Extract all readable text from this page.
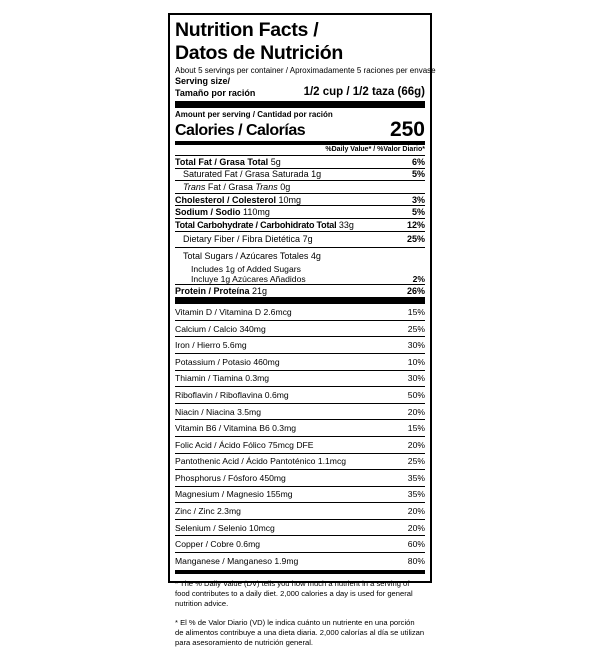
Nutrition Facts /
Datos de Nutrición
About 5 servings per container / Aproximadamente 5 raciones per envase
Serving size/
Tamaño por ración	1/2 cup / 1/2 taza (66g)
Amount per serving / Cantidad por ración
Calories / Calorías	250
%Daily Value* / %Valor Diario*
Total Fat / Grasa Total 5g	6%
Saturated Fat / Grasa Saturada 1g	5%
Trans Fat / Grasa Trans 0g
Cholesterol / Colesterol 10mg	3%
Sodium / Sodio 110mg	5%
Total Carbohydrate / Carbohidrato Total 33g	12%
Dietary Fiber / Fibra Dietética 7g	25%
Total Sugars / Azúcares Totales 4g
Includes 1g of Added Sugars
Incluye 1g Azúcares Añadidos	2%
Protein / Proteína 21g	26%
Vitamin D / Vitamina D 2.6mcg	15%
Calcium / Calcio 340mg	25%
Iron / Hierro 5.6mg	30%
Potassium / Potasio 460mg	10%
Thiamin / Tiamina 0.3mg	30%
Riboflavin / Riboflavina 0.6mg	50%
Niacin / Niacina 3.5mg	20%
Vitamin B6 / Vitamina B6 0.3mg	15%
Folic Acid / Ácido Fólico 75mcg DFE	20%
Pantothenic Acid / Ácido Pantoténico 1.1mcg	25%
Phosphorus / Fósforo 450mg	35%
Magnesium / Magnesio 155mg	35%
Zinc / Zinc 2.3mg	20%
Selenium / Selenio 10mcg	20%
Copper / Cobre 0.6mg	60%
Manganese / Manganeso 1.9mg	80%
* The % Daily Value (DV) tells you how much a nutrient in a serving of food contributes to a daily diet. 2,000 calories a day is used for general nutrition advice.
* El % de Valor Diario (VD) le indica cuánto un nutriente en una porción de alimentos contribuye a una dieta diaria. 2,000 calorías al día se utilizan para asesoramiento de nutrición general.
